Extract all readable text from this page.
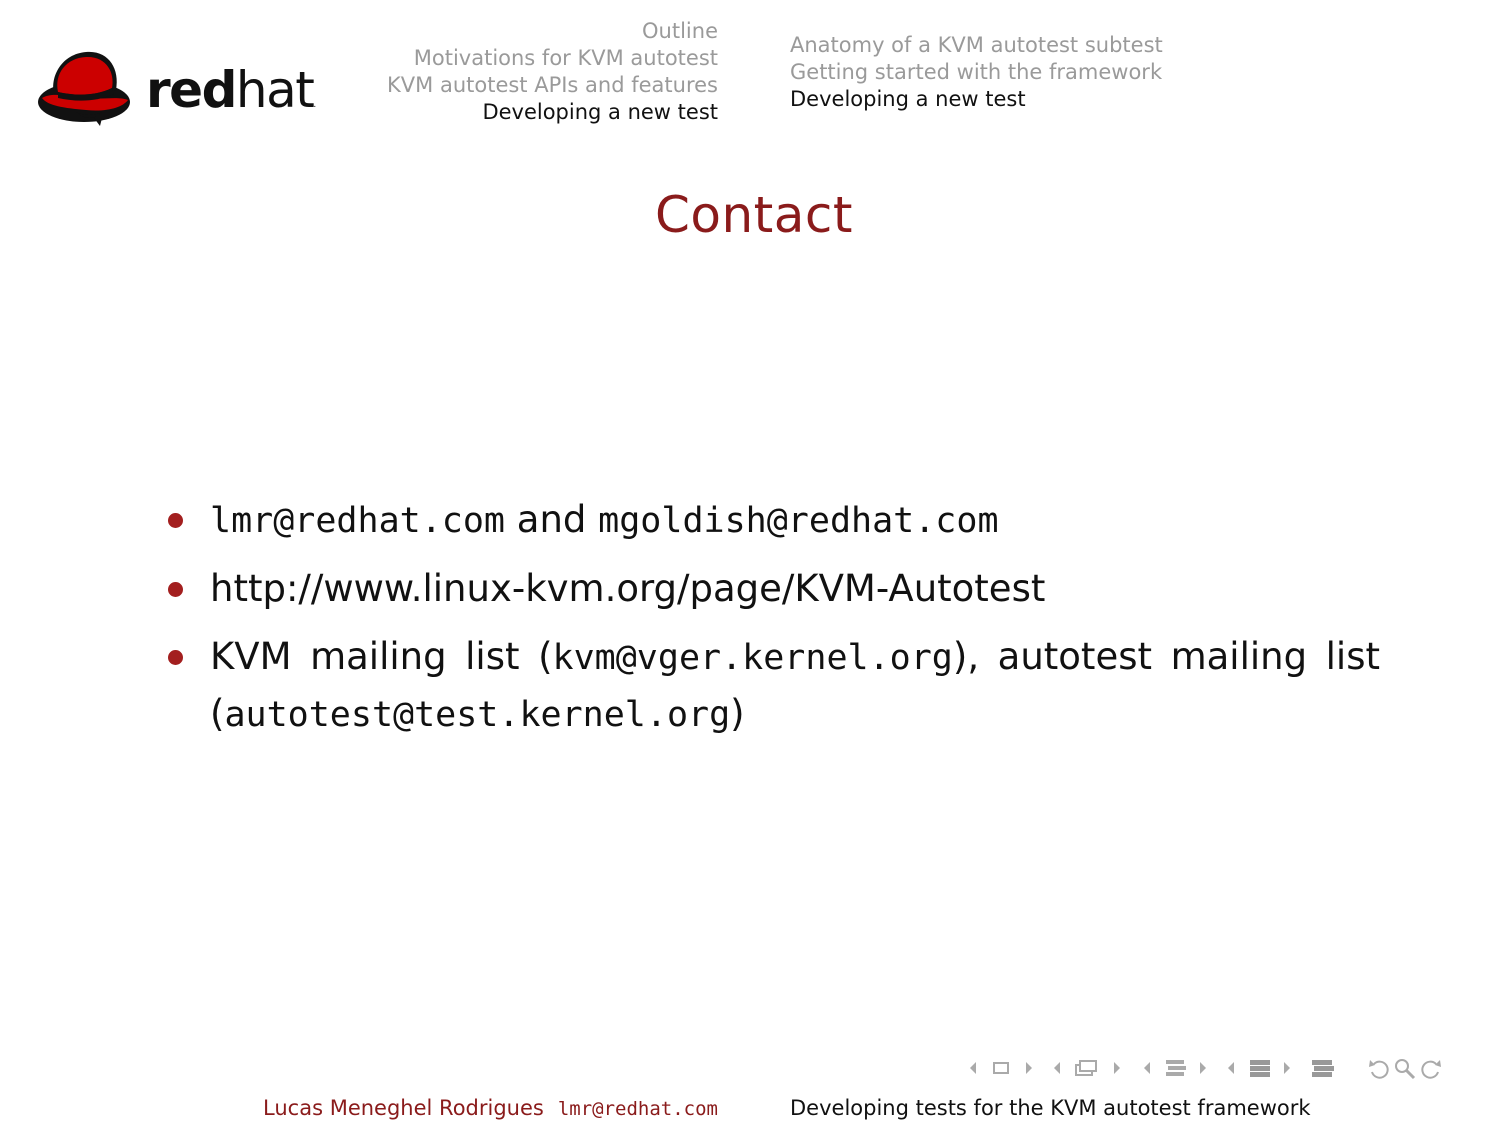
redhat.
Outline
Motivations for KVM autotest
KVM autotest APIs and features
Developing a new test
Anatomy of a KVM autotest subtest
Getting started with the framework
Developing a new test
Contact
lmr@redhat.com and mgoldish@redhat.com
http://www.linux-kvm.org/page/KVM-Autotest
KVM mailing list (kvm@vger.kernel.org), autotest mailing list (autotest@test.kernel.org)
Lucas Meneghel Rodrigues lmr@redhat.com	Developing tests for the KVM autotest framework
